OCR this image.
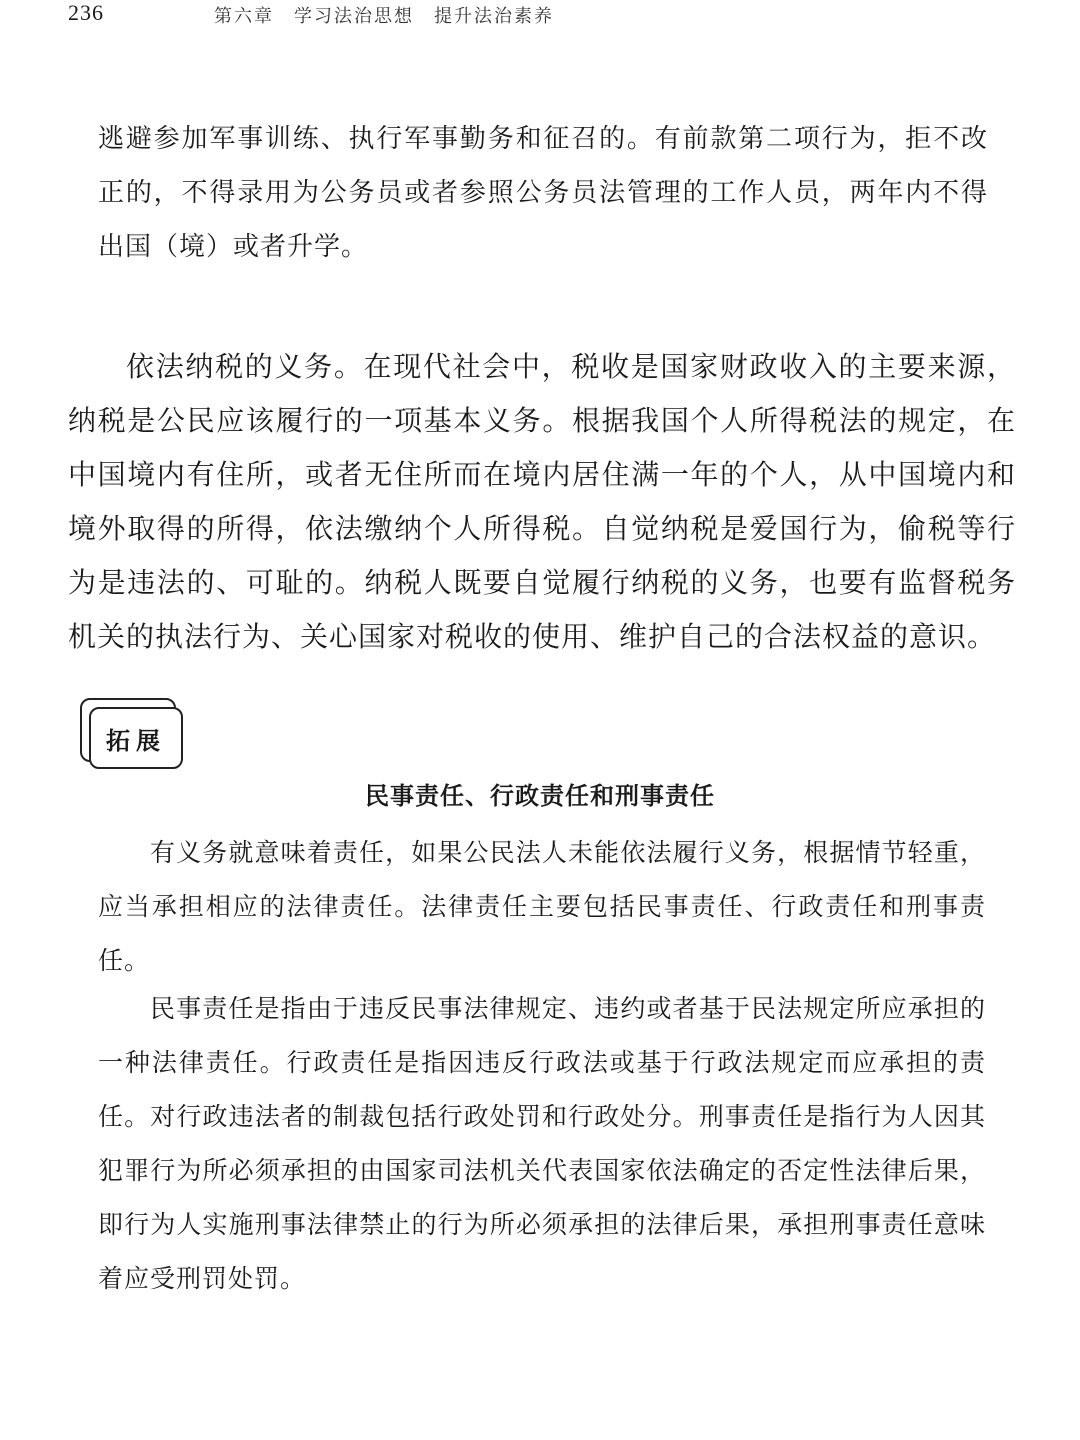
236	第六章　学习法治思想　提升法治素养

逃避参加军事训练、执行军事勤务和征召的。有前款第二项行为，拒不改正的，不得录用为公务员或者参照公务员法管理的工作人员，两年内不得出国（境）或者升学。

依法纳税的义务。在现代社会中，税收是国家财政收入的主要来源，纳税是公民应该履行的一项基本义务。根据我国个人所得税法的规定，在中国境内有住所，或者无住所而在境内居住满一年的个人，从中国境内和境外取得的所得，依法缴纳个人所得税。自觉纳税是爱国行为，偷税等行为是违法的、可耻的。纳税人既要自觉履行纳税的义务，也要有监督税务机关的执法行为、关心国家对税收的使用、维护自己的合法权益的意识。

拓展
民事责任、行政责任和刑事责任

有义务就意味着责任，如果公民法人未能依法履行义务，根据情节轻重，应当承担相应的法律责任。法律责任主要包括民事责任、行政责任和刑事责任。

民事责任是指由于违反民事法律规定、违约或者基于民法规定所应承担的一种法律责任。行政责任是指因违反行政法或基于行政法规定而应承担的责任。对行政违法者的制裁包括行政处罚和行政处分。刑事责任是指行为人因其犯罪行为所必须承担的由国家司法机关代表国家依法确定的否定性法律后果，即行为人实施刑事法律禁止的行为所必须承担的法律后果，承担刑事责任意味着应受刑罚处罚。
